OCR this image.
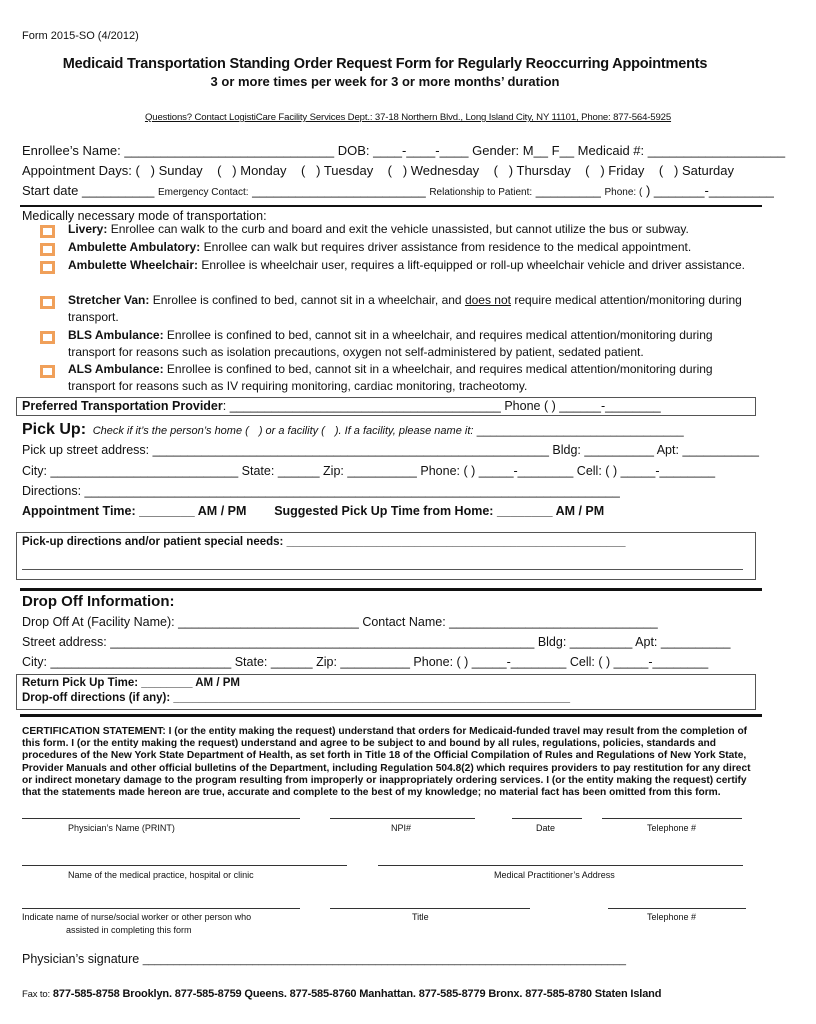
Form 2015-SO (4/2012)
Medicaid Transportation Standing Order Request Form for Regularly Reoccurring Appointments
3 or more times per week for 3 or more months’ duration
Questions? Contact LogistiCare Facility Services Dept.: 37-18 Northern Blvd., Long Island City, NY 11101, Phone: 877-564-5925
Enrollee’s Name: _____________________________ DOB: ____-____-____ Gender: M__ F__ Medicaid #: ___________________
Appointment Days: (   ) Sunday (   ) Monday (   ) Tuesday (   ) Wednesday (   ) Thursday (   ) Friday (   ) Saturday
Start date __________ Emergency Contact: ________________________ Relationship to Patient: _________ Phone: ( ) _______-_________
Medically necessary mode of transportation:
Livery: Enrollee can walk to the curb and board and exit the vehicle unassisted, but cannot utilize the bus or subway.
Ambulette Ambulatory: Enrollee can walk but requires driver assistance from residence to the medical appointment.
Ambulette Wheelchair: Enrollee is wheelchair user, requires a lift-equipped or roll-up wheelchair vehicle and driver assistance.
Stretcher Van: Enrollee is confined to bed, cannot sit in a wheelchair, and does not require medical attention/monitoring during transport.
BLS Ambulance: Enrollee is confined to bed, cannot sit in a wheelchair, and requires medical attention/monitoring during transport for reasons such as isolation precautions, oxygen not self-administered by patient, sedated patient.
ALS Ambulance: Enrollee is confined to bed, cannot sit in a wheelchair, and requires medical attention/monitoring during transport for reasons such as IV requiring monitoring, cardiac monitoring, tracheotomy.
Preferred Transportation Provider: _______________________________________ Phone ( ) ______-________
Pick Up: Check if it’s the person’s home ( ) or a facility ( ). If a facility, please name it: _______________________________
Pick up street address: _________________________________________________________ Bldg: __________ Apt: ___________
City: ___________________________ State: ______ Zip: __________ Phone: ( ) _____-________ Cell: ( ) _____-________
Directions: _____________________________________________________________________________
Appointment Time: ________ AM / PM Suggested Pick Up Time from Home: ________ AM / PM
Pick-up directions and/or patient special needs: _____________________________________________________
Drop Off Information:
Drop Off At (Facility Name): __________________________ Contact Name: ______________________________
Street address: _____________________________________________________________ Bldg: _________ Apt: __________
City: __________________________ State: ______ Zip: __________ Phone: ( ) _____-________ Cell: ( ) _____-________
Return Pick Up Time: ________ AM / PM
Drop-off directions (if any): ______________________________________________________________
CERTIFICATION STATEMENT: I (or the entity making the request) understand that orders for Medicaid-funded travel may result from the completion of this form. I (or the entity making the request) understand and agree to be subject to and bound by all rules, regulations, policies, standards and procedures of the New York State Department of Health, as set forth in Title 18 of the Official Compilation of Rules and Regulations of New York State, Provider Manuals and other official bulletins of the Department, including Regulation 504.8(2) which requires providers to pay restitution for any direct or indirect monetary damage to the program resulting from improperly or inappropriately ordering services. I (or the entity making the request) certify that the statements made hereon are true, accurate and complete to the best of my knowledge; no material fact has been omitted from this form.
Physician’s Name (PRINT)	NPI#	Date	Telephone #
Name of the medical practice, hospital or clinic	Medical Practitioner’s Address
Indicate name of nurse/social worker or other person who
assisted in completing this form
Title	Telephone #
Physician’s signature _______________________________________________________________________________
Fax to: 877-585-8758 Brooklyn. 877-585-8759 Queens. 877-585-8760 Manhattan. 877-585-8779 Bronx. 877-585-8780 Staten Island
